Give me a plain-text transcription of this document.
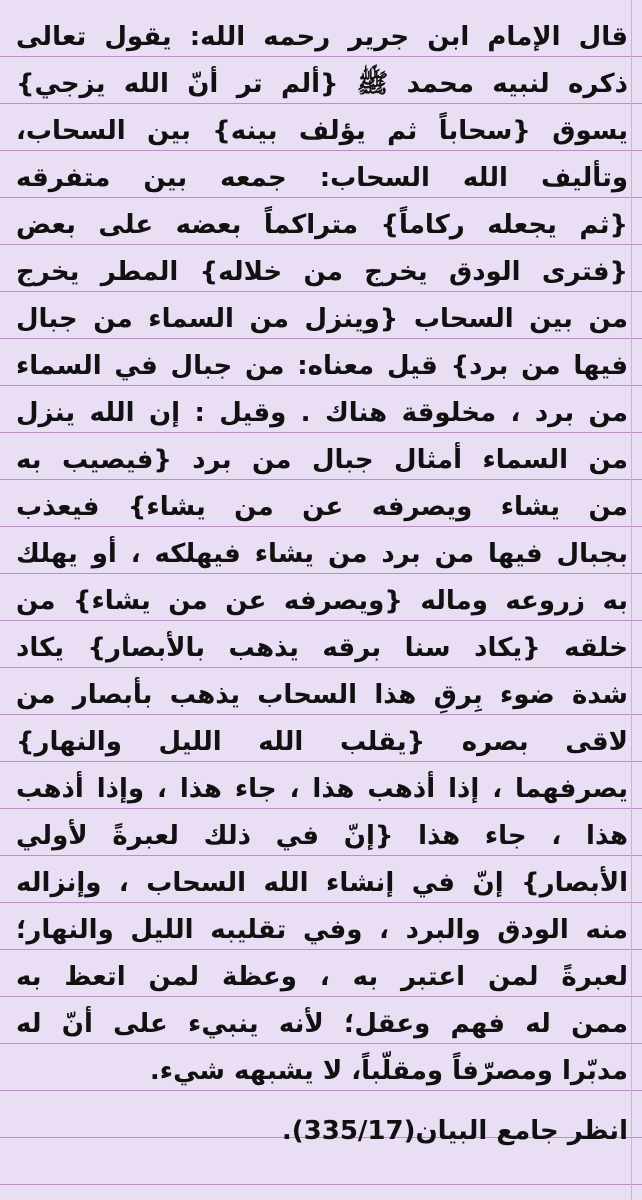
قال الإمام ابن جرير رحمه الله: يقول تعالى
ذكره لنبيه محمد ﷺ {ألم تر أنّ الله يزجي}
يسوق {سحاباً ثم يؤلف بينه} بين السحاب،
وتأليف الله السحاب: جمعه بين متفرقه
{ثم يجعله ركاماً} متراكماً بعضه على بعض
{فترى الودق يخرج من خلاله} المطر يخرج
من بين السحاب {وينزل من السماء من جبال
فيها من برد} قيل معناه: من جبال في السماء
من برد ، مخلوقة هناك . وقيل : إن الله ينزل
من السماء أمثال جبال من برد {فيصيب به
من يشاء ويصرفه عن من يشاء} فيعذب
بجبال فيها من برد من يشاء فيهلكه ، أو يهلك
به زروعه وماله {ويصرفه عن من يشاء} من
خلقه {يكاد سنا برقه يذهب بالأبصار} يكاد
شدة ضوء بِرقِ هذا السحاب يذهب بأبصار من
لاقى بصره {يقلب الله الليل والنهار}
يصرفهما ، إذا أذهب هذا ، جاء هذا ، وإذا أذهب
هذا ، جاء هذا {إنّ في ذلك لعبرةً لأولي
الأبصار} إنّ في إنشاء الله السحاب ، وإنزاله
منه الودق والبرد ، وفي تقليبه الليل والنهار؛
لعبرةً لمن اعتبر به ، وعظة لمن اتعظ به
ممن له فهم وعقل؛ لأنه ينبيء على أنّ له
مدبّرا ومصرّفاً ومقلّباً، لا يشبهه شيء.
انظر جامع البيان(335/17).
